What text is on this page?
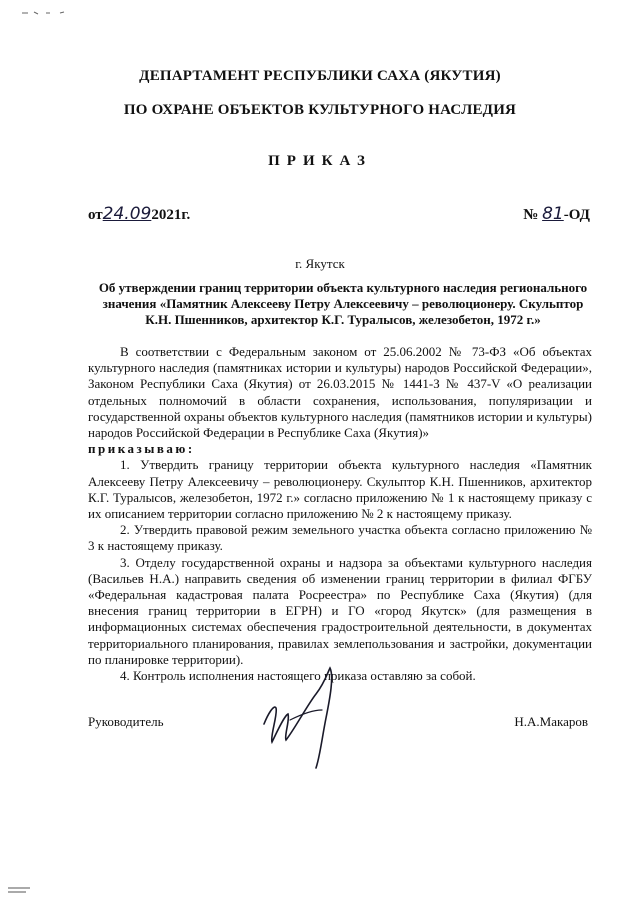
ДЕПАРТАМЕНТ РЕСПУБЛИКИ САХА (ЯКУТИЯ)
ПО ОХРАНЕ ОБЪЕКТОВ КУЛЬТУРНОГО НАСЛЕДИЯ
ПРИКАЗ
от24.092021г.	№ 81-ОД
г. Якутск
Об утверждении границ территории объекта культурного наследия регионального значения «Памятник Алексееву Петру Алексеевичу – революционеру. Скульптор К.Н. Пшенников, архитектор К.Г. Туралысов, железобетон, 1972 г.»

В соответствии с Федеральным законом от 25.06.2002 № 73-ФЗ «Об объектах культурного наследия (памятниках истории и культуры) народов Российской Федерации», Законом Республики Саха (Якутия) от 26.03.2015 № 1441-З № 437-V «О реализации отдельных полномочий в области сохранения, использования, популяризации и государственной охраны объектов культурного наследия (памятников истории и культуры) народов Российской Федерации в Республике Саха (Якутия)»

приказываю:

1. Утвердить границу территории объекта культурного наследия «Памятник Алексееву Петру Алексеевичу – революционеру. Скульптор К.Н. Пшенников, архитектор К.Г. Туралысов, железобетон, 1972 г.» согласно приложению № 1 к настоящему приказу с их описанием территории согласно приложению № 2 к настоящему приказу.

2. Утвердить правовой режим земельного участка объекта согласно приложению № 3 к настоящему приказу.

3. Отделу государственной охраны и надзора за объектами культурного наследия (Васильев Н.А.) направить сведения об изменении границ территории в филиал ФГБУ «Федеральная кадастровая палата Росреестра» по Республике Саха (Якутия) (для внесения границ территории в ЕГРН) и ГО «город Якутск» (для размещения в информационных системах обеспечения градостроительной деятельности, в документах территориального планирования, правилах землепользования и застройки, документации по планировке территории).

4. Контроль исполнения настоящего приказа оставляю за собой.

Руководитель	Н.А.Макаров
